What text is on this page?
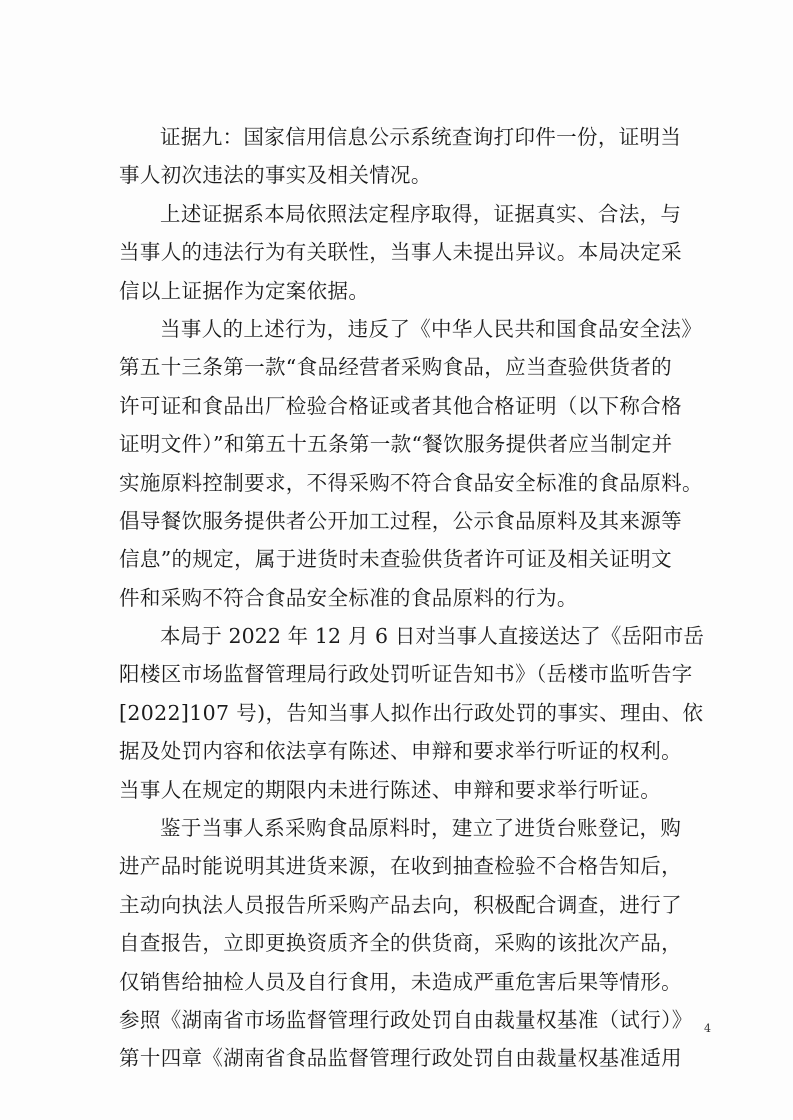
证据九：国家信用信息公示系统查询打印件一份，证明当
事人初次违法的事实及相关情况。
上述证据系本局依照法定程序取得，证据真实、合法，与
当事人的违法行为有关联性，当事人未提出异议。本局决定采
信以上证据作为定案依据。
当事人的上述行为，违反了《中华人民共和国食品安全法》
第五十三条第一款“食品经营者采购食品，应当查验供货者的
许可证和食品出厂检验合格证或者其他合格证明（以下称合格
证明文件）”和第五十五条第一款“餐饮服务提供者应当制定并
实施原料控制要求，不得采购不符合食品安全标准的食品原料。
倡导餐饮服务提供者公开加工过程，公示食品原料及其来源等
信息”的规定，属于进货时未查验供货者许可证及相关证明文
件和采购不符合食品安全标准的食品原料的行为。
本局于 2022 年 12 月 6 日对当事人直接送达了《岳阳市岳
阳楼区市场监督管理局行政处罚听证告知书》（岳楼市监听告字
[2022]107 号)，告知当事人拟作出行政处罚的事实、理由、依
据及处罚内容和依法享有陈述、申辩和要求举行听证的权利。
当事人在规定的期限内未进行陈述、申辩和要求举行听证。
鉴于当事人系采购食品原料时，建立了进货台账登记，购
进产品时能说明其进货来源，在收到抽查检验不合格告知后，
主动向执法人员报告所采购产品去向，积极配合调查，进行了
自查报告，立即更换资质齐全的供货商，采购的该批次产品，
仅销售给抽检人员及自行食用，未造成严重危害后果等情形。
参照《湖南省市场监督管理行政处罚自由裁量权基准（试行）》
第十四章《湖南省食品监督管理行政处罚自由裁量权基准适用
4
